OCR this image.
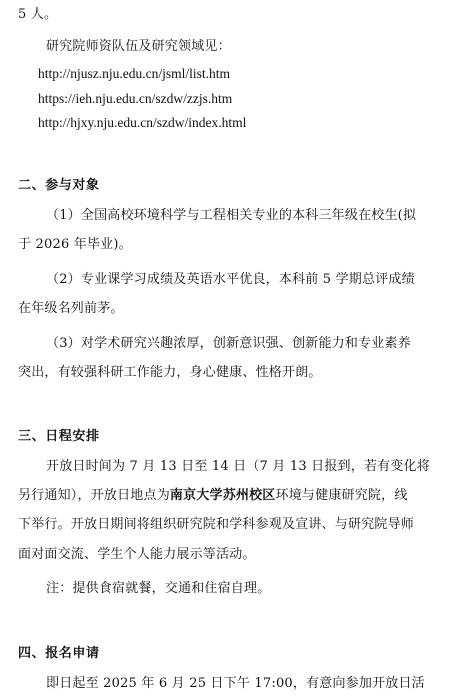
5 人。
研究院师资队伍及研究领域见：
http://njusz.nju.edu.cn/jsml/list.htm
https://ieh.nju.edu.cn/szdw/zzjs.htm
http://hjxy.nju.edu.cn/szdw/index.html
二、参与对象
（1）全国高校环境科学与工程相关专业的本科三年级在校生(拟
于 2026 年毕业)。
（2）专业课学习成绩及英语水平优良，本科前 5 学期总评成绩
在年级名列前茅。
（3）对学术研究兴趣浓厚，创新意识强、创新能力和专业素养
突出，有较强科研工作能力，身心健康、性格开朗。
三、日程安排
开放日时间为 7 月 13 日至 14 日（7 月 13 日报到，若有变化将
另行通知），开放日地点为南京大学苏州校区环境与健康研究院，线
下举行。开放日期间将组织研究院和学科参观及宣讲、与研究院导师
面对面交流、学生个人能力展示等活动。
注：提供食宿就餐，交通和住宿自理。
四、报名申请
即日起至 2025 年 6 月 25 日下午 17:00，有意向参加开放日活
